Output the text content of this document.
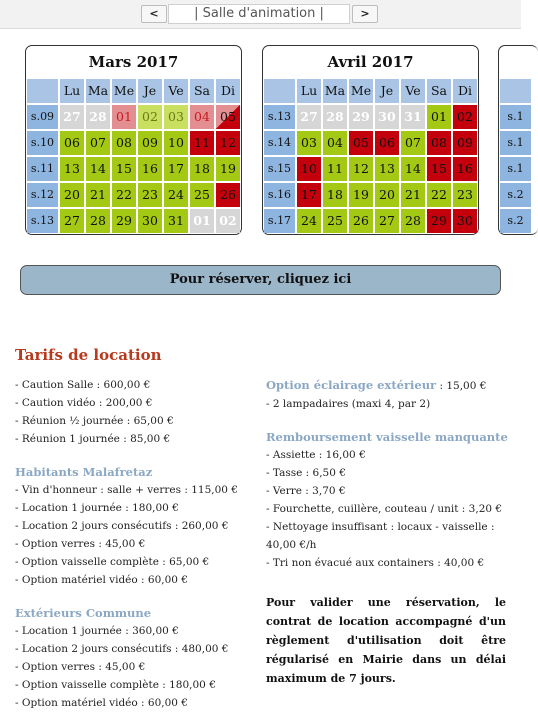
<	| Salle d'animation |	>
Mars 2017
Lu Ma Me Je Ve Sa Di
s.09 27 28 01 02 03 04 05
s.10 06 07 08 09 10 11 12
s.11 13 14 15 16 17 18 19
s.12 20 21 22 23 24 25 26
s.13 27 28 29 30 31 01 02
Avril 2017
Lu Ma Me Je Ve Sa Di
s.13 27 28 29 30 31 01 02
s.14 03 04 05 06 07 08 09
s.15 10 11 12 13 14 15 16
s.16 17 18 19 20 21 22 23
s.17 24 25 26 27 28 29 30
s.1
s.1
s.1
s.2
s.2
Pour réserver, cliquez ici
Tarifs de location
- Caution Salle : 600,00 €
- Caution vidéo : 200,00 €
- Réunion ½ journée : 65,00 €
- Réunion 1 journée : 85,00 €
Habitants Malafretaz
- Vin d'honneur : salle + verres : 115,00 €
- Location 1 journée : 180,00 €
- Location 2 jours consécutifs : 260,00 €
- Option verres : 45,00 €
- Option vaisselle complète : 65,00 €
- Option matériel vidéo : 60,00 €
Extérieurs Commune
- Location 1 journée : 360,00 €
- Location 2 jours consécutifs : 480,00 €
- Option verres : 45,00 €
- Option vaisselle complète : 180,00 €
- Option matériel vidéo : 60,00 €
Option éclairage extérieur : 15,00 €
- 2 lampadaires (maxi 4, par 2)
Remboursement vaisselle manquante
- Assiette : 16,00 €
- Tasse : 6,50 €
- Verre : 3,70 €
- Fourchette, cuillère, couteau / unit : 3,20 €
- Nettoyage insuffisant : locaux - vaisselle :
40,00 €/h
- Tri non évacué aux containers : 40,00 €
Pour valider une réservation, le contrat de location accompagné d'un règlement d'utilisation doit être régularisé en Mairie dans un délai maximum de 7 jours.
